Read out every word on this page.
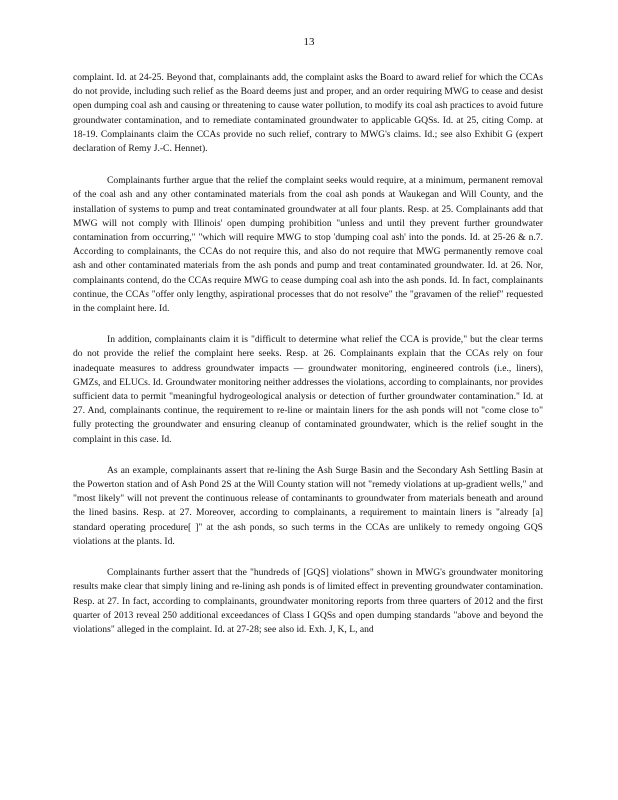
13

complaint. Id. at 24-25. Beyond that, complainants add, the complaint asks the Board to award relief for which the CCAs do not provide, including such relief as the Board deems just and proper, and an order requiring MWG to cease and desist open dumping coal ash and causing or threatening to cause water pollution, to modify its coal ash practices to avoid future groundwater contamination, and to remediate contaminated groundwater to applicable GQSs. Id. at 25, citing Comp. at 18-19. Complainants claim the CCAs provide no such relief, contrary to MWG's claims. Id.; see also Exhibit G (expert declaration of Remy J.-C. Hennet).

Complainants further argue that the relief the complaint seeks would require, at a minimum, permanent removal of the coal ash and any other contaminated materials from the coal ash ponds at Waukegan and Will County, and the installation of systems to pump and treat contaminated groundwater at all four plants. Resp. at 25. Complainants add that MWG will not comply with Illinois' open dumping prohibition "unless and until they prevent further groundwater contamination from occurring," "which will require MWG to stop 'dumping coal ash' into the ponds. Id. at 25-26 & n.7. According to complainants, the CCAs do not require this, and also do not require that MWG permanently remove coal ash and other contaminated materials from the ash ponds and pump and treat contaminated groundwater. Id. at 26. Nor, complainants contend, do the CCAs require MWG to cease dumping coal ash into the ash ponds. Id. In fact, complainants continue, the CCAs "offer only lengthy, aspirational processes that do not resolve" the "gravamen of the relief" requested in the complaint here. Id.

In addition, complainants claim it is "difficult to determine what relief the CCA is provide," but the clear terms do not provide the relief the complaint here seeks. Resp. at 26. Complainants explain that the CCAs rely on four inadequate measures to address groundwater impacts — groundwater monitoring, engineered controls (i.e., liners), GMZs, and ELUCs. Id. Groundwater monitoring neither addresses the violations, according to complainants, nor provides sufficient data to permit "meaningful hydrogeological analysis or detection of further groundwater contamination." Id. at 27. And, complainants continue, the requirement to re-line or maintain liners for the ash ponds will not "come close to" fully protecting the groundwater and ensuring cleanup of contaminated groundwater, which is the relief sought in the complaint in this case. Id.

As an example, complainants assert that re-lining the Ash Surge Basin and the Secondary Ash Settling Basin at the Powerton station and of Ash Pond 2S at the Will County station will not "remedy violations at up-gradient wells," and "most likely" will not prevent the continuous release of contaminants to groundwater from materials beneath and around the lined basins. Resp. at 27. Moreover, according to complainants, a requirement to maintain liners is "already [a] standard operating procedure[ ]" at the ash ponds, so such terms in the CCAs are unlikely to remedy ongoing GQS violations at the plants. Id.

Complainants further assert that the "hundreds of [GQS] violations" shown in MWG's groundwater monitoring results make clear that simply lining and re-lining ash ponds is of limited effect in preventing groundwater contamination. Resp. at 27. In fact, according to complainants, groundwater monitoring reports from three quarters of 2012 and the first quarter of 2013 reveal 250 additional exceedances of Class I GQSs and open dumping standards "above and beyond the violations" alleged in the complaint. Id. at 27-28; see also id. Exh. J, K, L, and
